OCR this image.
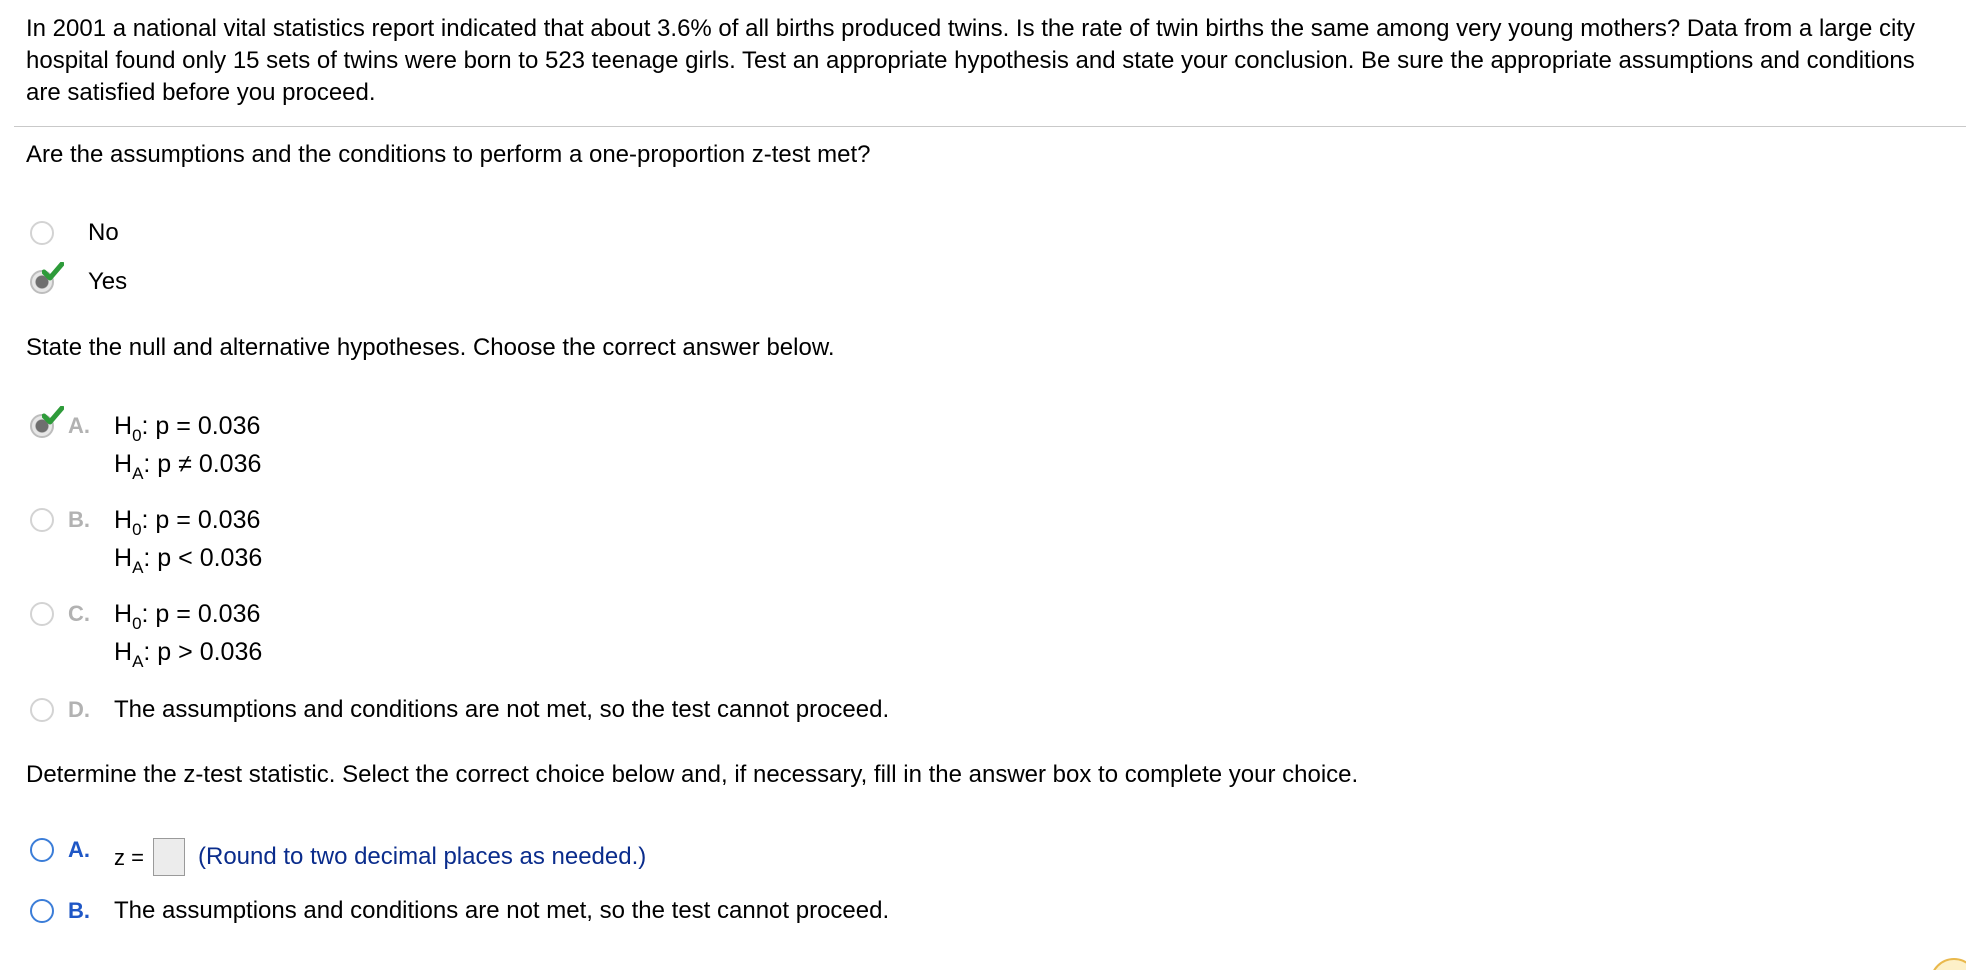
In 2001 a national vital statistics report indicated that about 3.6% of all births produced twins. Is the rate of twin births the same among very young mothers? Data from a large city hospital found only 15 sets of twins were born to 523 teenage girls. Test an appropriate hypothesis and state your conclusion. Be sure the appropriate assumptions and conditions are satisfied before you proceed.
Are the assumptions and the conditions to perform a one-proportion z-test met?
No
Yes
State the null and alternative hypotheses. Choose the correct answer below.
A. $H_0$: p = 0.036
$H_A$: p ≠ 0.036
B. $H_0$: p = 0.036
$H_A$: p < 0.036
C. $H_0$: p = 0.036
$H_A$: p > 0.036
D. The assumptions and conditions are not met, so the test cannot proceed.
Determine the z-test statistic. Select the correct choice below and, if necessary, fill in the answer box to complete your choice.
A. z = (Round to two decimal places as needed.)
B. The assumptions and conditions are not met, so the test cannot proceed.
